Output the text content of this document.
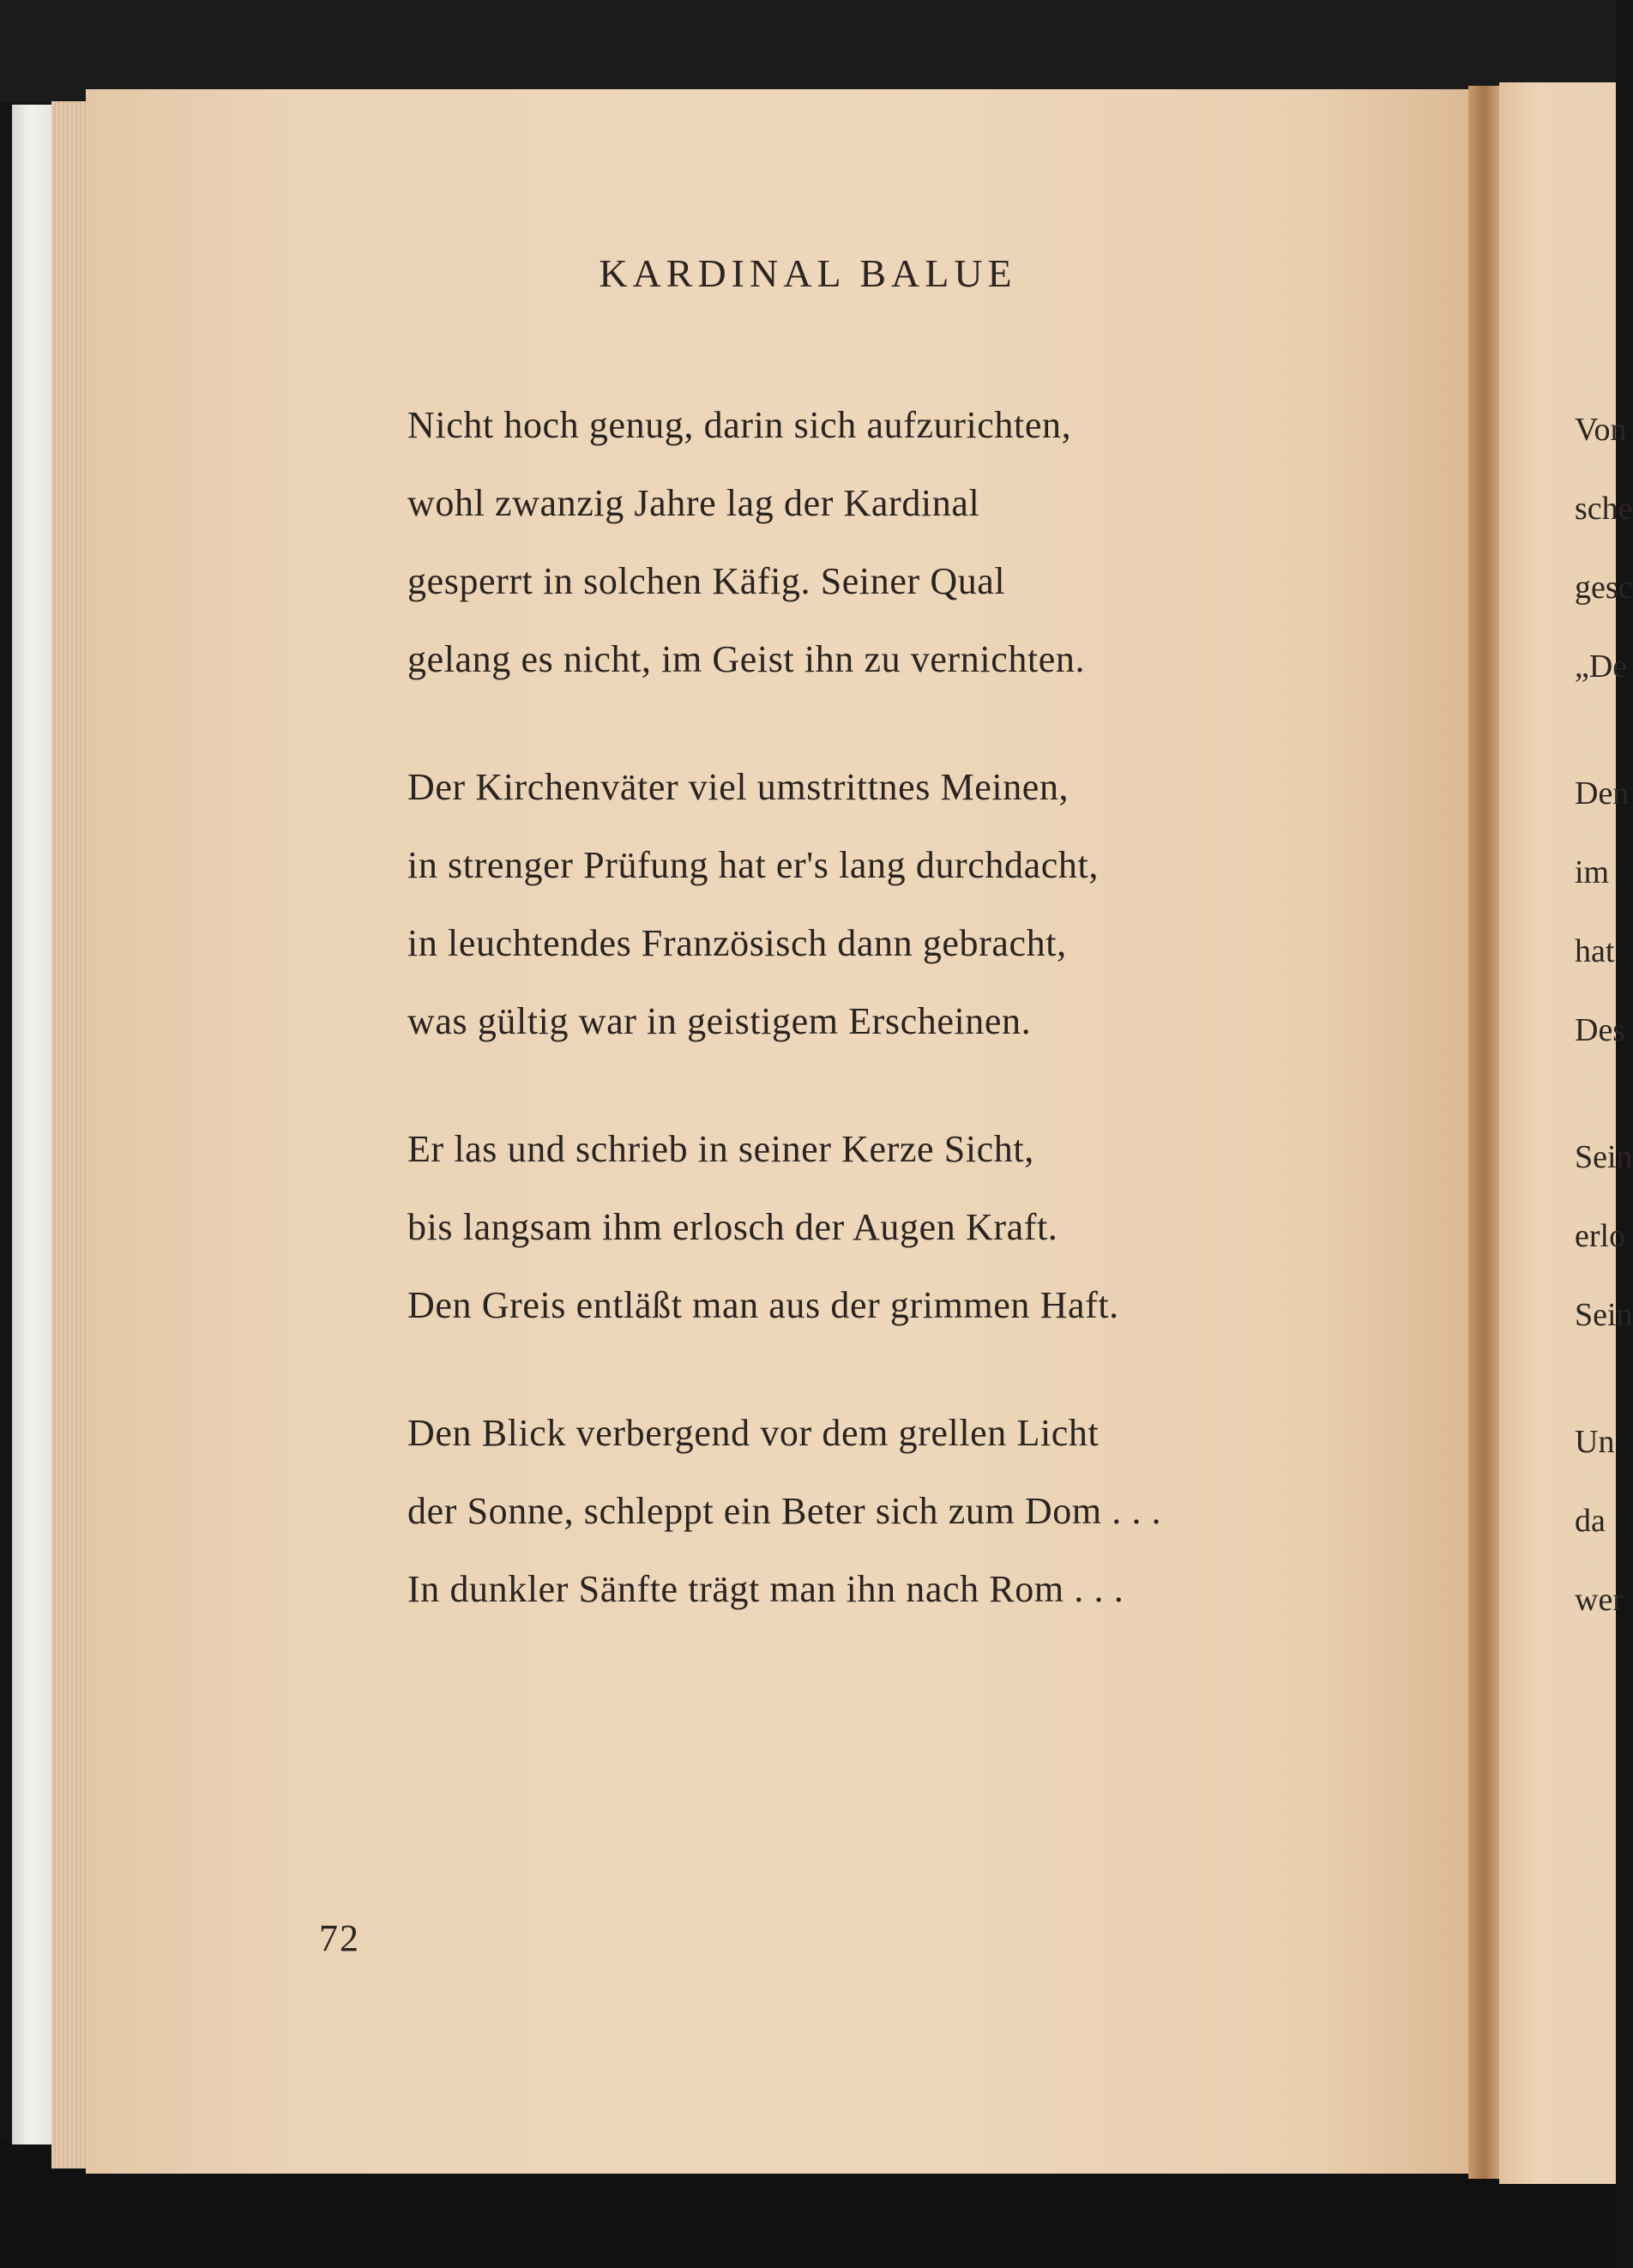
KARDINAL BALUE
Nicht hoch genug, darin sich aufzurichten,
wohl zwanzig Jahre lag der Kardinal
gesperrt in solchen Käfig. Seiner Qual
gelang es nicht, im Geist ihn zu vernichten.
Der Kirchenväter viel umstrittnes Meinen,
in strenger Prüfung hat er's lang durchdacht,
in leuchtendes Französisch dann gebracht,
was gültig war in geistigem Erscheinen.
Er las und schrieb in seiner Kerze Sicht,
bis langsam ihm erlosch der Augen Kraft.
Den Greis entläßt man aus der grimmen Haft.
Den Blick verbergend vor dem grellen Licht
der Sonne, schleppt ein Beter sich zum Dom . . .
In dunkler Sänfte trägt man ihn nach Rom . . .
72
Von
sche
gesc
„De
Den
im
hat
Des
Sein
erlo
Sein
Un
da
wer
